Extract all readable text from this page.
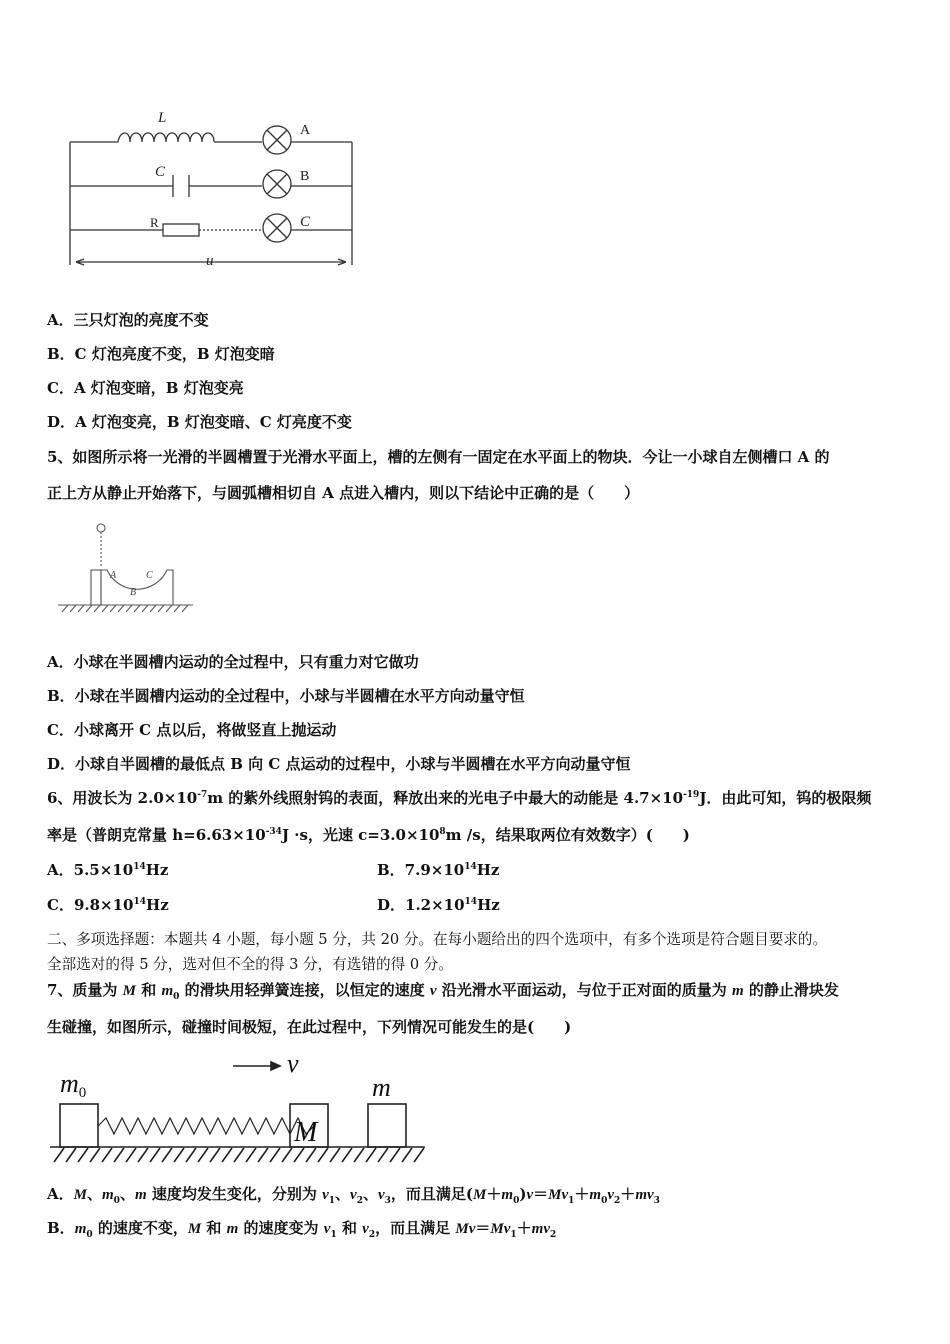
L
C
R
A
B
C
u
A．三只灯泡的亮度不变
B．C 灯泡亮度不变，B 灯泡变暗
C．A 灯泡变暗，B 灯泡变亮
D．A 灯泡变亮，B 灯泡变暗、C 灯亮度不变
5、如图所示将一光滑的半圆槽置于光滑水平面上，槽的左侧有一固定在水平面上的物块．今让一小球自左侧槽口 A 的
正上方从静止开始落下，与圆弧槽相切自 A 点进入槽内，则以下结论中正确的是（　　）
A
B
C
A．小球在半圆槽内运动的全过程中，只有重力对它做功
B．小球在半圆槽内运动的全过程中，小球与半圆槽在水平方向动量守恒
C．小球离开 C 点以后，将做竖直上抛运动
D．小球自半圆槽的最低点 B 向 C 点运动的过程中，小球与半圆槽在水平方向动量守恒
6、用波长为 $2.0\times 10^{-7}m$ 的紫外线照射钨的表面，释放出来的光电子中最大的动能是 $4.7\times 10^{-19}J$．由此可知，钨的极限频
率是（普朗克常量 $h=6.63\times 10^{-34}J \cdot s$，光速 $c=3.0\times 10^8m$ /s，结果取两位有效数字）(　　)
A．$5.5\times 10^{14}Hz$	B．$7.9\times 10^{14}Hz$
C．$9.8\times 10^{14}Hz$	D．$1.2\times 10^{14}Hz$
二、多项选择题：本题共 4 小题，每小题 5 分，共 20 分。在每小题给出的四个选项中，有多个选项是符合题目要求的。
全部选对的得 5 分，选对但不全的得 3 分，有选错的得 0 分。
7、质量为 M 和 $m_0$ 的滑块用轻弹簧连接，以恒定的速度 v 沿光滑水平面运动，与位于正对面的质量为 m 的静止滑块发
生碰撞，如图所示，碰撞时间极短，在此过程中，下列情况可能发生的是(　　)
m0
v
M
m
A．M、$m_0$、m 速度均发生变化，分别为 $v_1$、$v_2$、$v_3$，而且满足$(M+m_0)v=Mv_1+m_0v_2+mv_3$
B．$m_0$ 的速度不变，M 和 m 的速度变为 $v_1$ 和 $v_2$，而且满足 $Mv=Mv_1+mv_2$
